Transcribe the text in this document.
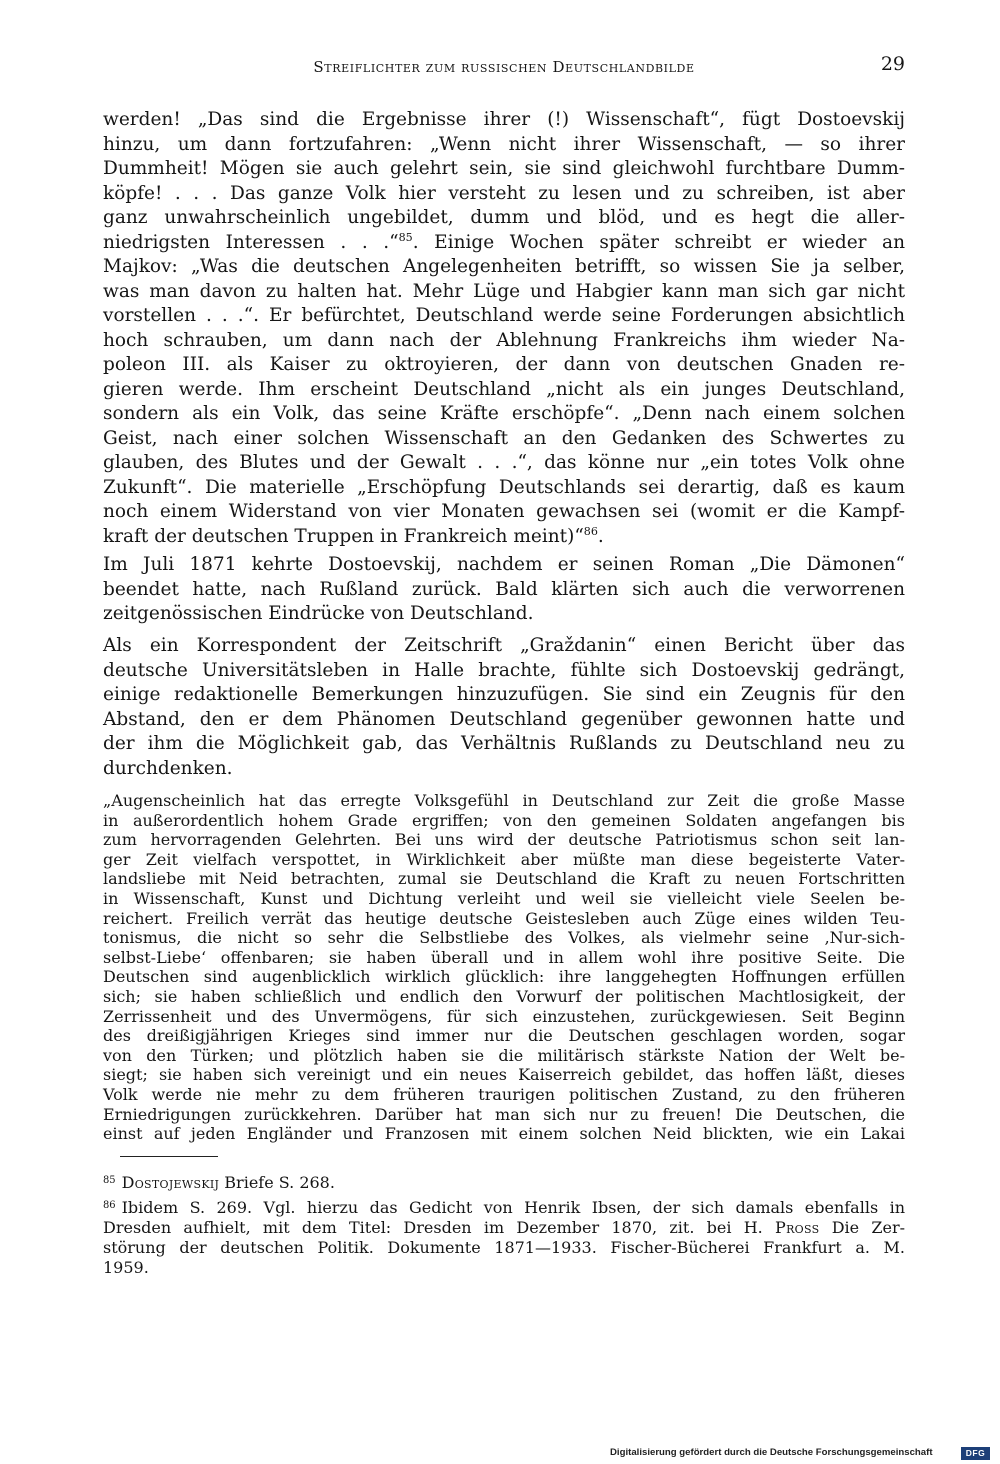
Streiflichter zum russischen Deutschlandbilde	29
werden! „Das sind die Ergebnisse ihrer (!) Wissenschaft“, fügt Dostoevskij
hinzu, um dann fortzufahren: „Wenn nicht ihrer Wissenschaft, — so ihrer
Dummheit! Mögen sie auch gelehrt sein, sie sind gleichwohl furchtbare Dumm-
köpfe! . . . Das ganze Volk hier versteht zu lesen und zu schreiben, ist aber
ganz unwahrscheinlich ungebildet, dumm und blöd, und es hegt die aller-
niedrigsten Interessen . . .“$^{85}$. Einige Wochen später schreibt er wieder an
Majkov: „Was die deutschen Angelegenheiten betrifft, so wissen Sie ja selber,
was man davon zu halten hat. Mehr Lüge und Habgier kann man sich gar nicht
vorstellen . . .“. Er befürchtet, Deutschland werde seine Forderungen absichtlich
hoch schrauben, um dann nach der Ablehnung Frankreichs ihm wieder Na-
poleon III. als Kaiser zu oktroyieren, der dann von deutschen Gnaden re-
gieren werde. Ihm erscheint Deutschland „nicht als ein junges Deutschland,
sondern als ein Volk, das seine Kräfte erschöpfe“. „Denn nach einem solchen
Geist, nach einer solchen Wissenschaft an den Gedanken des Schwertes zu
glauben, des Blutes und der Gewalt . . .“, das könne nur „ein totes Volk ohne
Zukunft“. Die materielle „Erschöpfung Deutschlands sei derartig, daß es kaum
noch einem Widerstand von vier Monaten gewachsen sei (womit er die Kampf-
kraft der deutschen Truppen in Frankreich meint)“$^{86}$.
Im Juli 1871 kehrte Dostoevskij, nachdem er seinen Roman „Die Dämonen“
beendet hatte, nach Rußland zurück. Bald klärten sich auch die verworrenen
zeitgenössischen Eindrücke von Deutschland.
Als ein Korrespondent der Zeitschrift „Graždanin“ einen Bericht über das
deutsche Universitätsleben in Halle brachte, fühlte sich Dostoevskij gedrängt,
einige redaktionelle Bemerkungen hinzuzufügen. Sie sind ein Zeugnis für den
Abstand, den er dem Phänomen Deutschland gegenüber gewonnen hatte und
der ihm die Möglichkeit gab, das Verhältnis Rußlands zu Deutschland neu zu
durchdenken.
„Augenscheinlich hat das erregte Volksgefühl in Deutschland zur Zeit die große Masse
in außerordentlich hohem Grade ergriffen; von den gemeinen Soldaten angefangen bis
zum hervorragenden Gelehrten. Bei uns wird der deutsche Patriotismus schon seit lan-
ger Zeit vielfach verspottet, in Wirklichkeit aber müßte man diese begeisterte Vater-
landsliebe mit Neid betrachten, zumal sie Deutschland die Kraft zu neuen Fortschritten
in Wissenschaft, Kunst und Dichtung verleiht und weil sie vielleicht viele Seelen be-
reichert. Freilich verrät das heutige deutsche Geistesleben auch Züge eines wilden Teu-
tonismus, die nicht so sehr die Selbstliebe des Volkes, als vielmehr seine ‚Nur-sich-
selbst-Liebe‘ offenbaren; sie haben überall und in allem wohl ihre positive Seite. Die
Deutschen sind augenblicklich wirklich glücklich: ihre langgehegten Hoffnungen erfüllen
sich; sie haben schließlich und endlich den Vorwurf der politischen Machtlosigkeit, der
Zerrissenheit und des Unvermögens, für sich einzustehen, zurückgewiesen. Seit Beginn
des dreißigjährigen Krieges sind immer nur die Deutschen geschlagen worden, sogar
von den Türken; und plötzlich haben sie die militärisch stärkste Nation der Welt be-
siegt; sie haben sich vereinigt und ein neues Kaiserreich gebildet, das hoffen läßt, dieses
Volk werde nie mehr zu dem früheren traurigen politischen Zustand, zu den früheren
Erniedrigungen zurückkehren. Darüber hat man sich nur zu freuen! Die Deutschen, die
einst auf jeden Engländer und Franzosen mit einem solchen Neid blickten, wie ein Lakai
$^{85}$ Dostojewskij Briefe S. 268.
$^{86}$ Ibidem S. 269. Vgl. hierzu das Gedicht von Henrik Ibsen, der sich damals ebenfalls in
Dresden aufhielt, mit dem Titel: Dresden im Dezember 1870, zit. bei H. Pross Die Zer-
störung der deutschen Politik. Dokumente 1871—1933. Fischer-Bücherei Frankfurt a. M.
1959.
Digitalisierung gefördert durch die Deutsche Forschungsgemeinschaft	DFG
